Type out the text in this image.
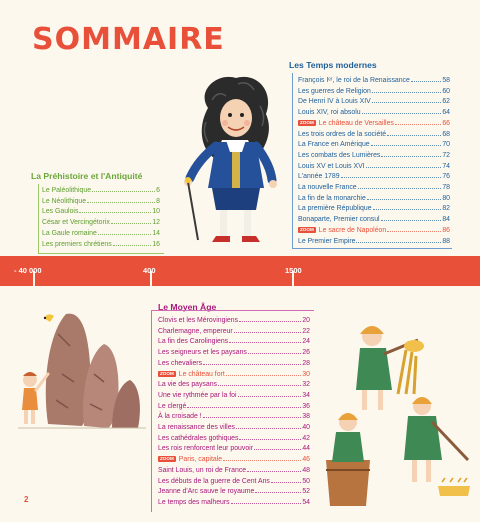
SOMMAIRE
La Préhistoire et l'Antiquité
Le Paléolithique	6
Le Néolithique	8
Les Gaulois	10
César et Vercingétorix	12
La Gaule romaine	14
Les premiers chrétiens	16
Les Temps modernes
François Iᵉʳ, le roi de la Renaissance	58
Les guerres de Religion	60
De Henri IV à Louis XIV	62
Louis XIV, roi absolu	64
ZOOM Le château de Versailles	66
Les trois ordres de la société	68
La France en Amérique	70
Les combats des Lumières	72
Louis XV et Louis XVI	74
L'année 1789	76
La nouvelle France	78
La fin de la monarchie	80
La première République	82
Bonaparte, Premier consul	84
ZOOM Le sacre de Napoléon	86
Le Premier Empire	88
- 40 000	400	1500
Le Moyen Âge
Clovis et les Mérovingiens	20
Charlemagne, empereur	22
La fin des Carolingiens	24
Les seigneurs et les paysans	26
Les chevaliers	28
ZOOM Le château fort	30
La vie des paysans	32
Une vie rythmée par la foi	34
Le clergé	36
À la croisade !	38
La renaissance des villes	40
Les cathédrales gothiques	42
Les rois renforcent leur pouvoir	44
ZOOM Paris, capitale	46
Saint Louis, un roi de France	48
Les débuts de la guerre de Cent Ans	50
Jeanne d'Arc sauve le royaume	52
Le temps des malheurs	54
2
